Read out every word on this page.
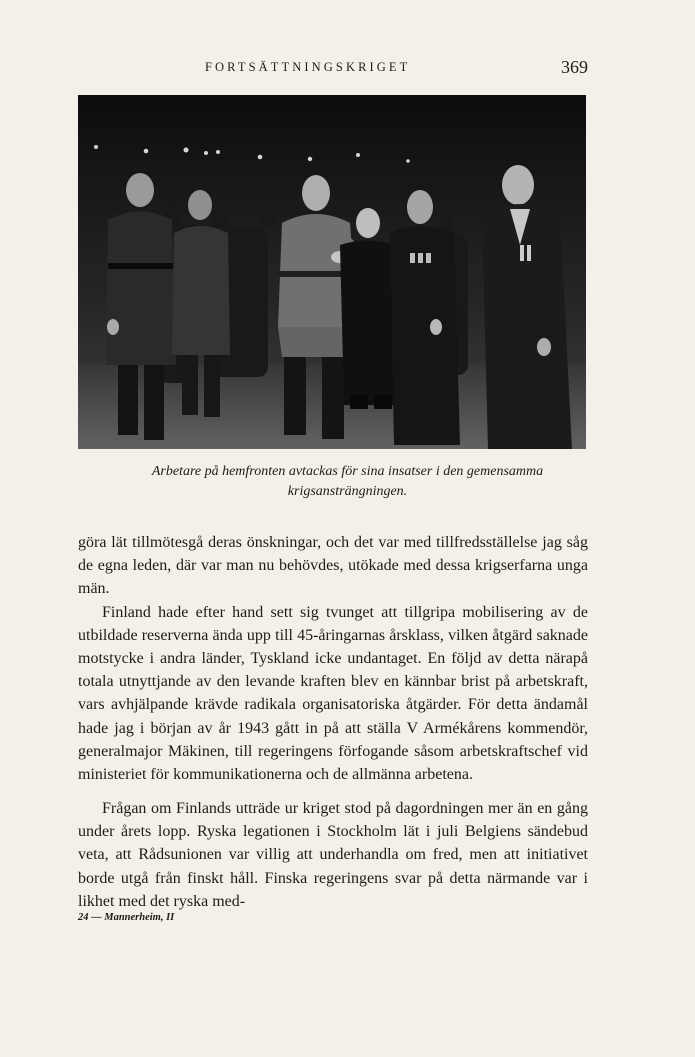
FORTSÄTTNINGSKRIGET	369
Arbetare på hemfronten avtackas för sina insatser i den gemensamma krigsansträngningen.

göra lät tillmötesgå deras önskningar, och det var med tillfredsställelse jag såg de egna leden, där var man nu behövdes, utökade med dessa krigserfarna unga män.

Finland hade efter hand sett sig tvunget att tillgripa mobilisering av de utbildade reserverna ända upp till 45-åringarnas årsklass, vilken åtgärd saknade motstycke i andra länder, Tyskland icke undantaget. En följd av detta närapå totala utnyttjande av den levande kraften blev en kännbar brist på arbetskraft, vars avhjälpande krävde radikala organisatoriska åtgärder. För detta ändamål hade jag i början av år 1943 gått in på att ställa V Armékårens kommendör, generalmajor Mäkinen, till regeringens förfogande såsom arbetskraftschef vid ministeriet för kommunikationerna och de allmänna arbetena.

Frågan om Finlands utträde ur kriget stod på dagordningen mer än en gång under årets lopp. Ryska legationen i Stockholm lät i juli Belgiens sändebud veta, att Rådsunionen var villig att underhandla om fred, men att initiativet borde utgå från finskt håll. Finska regeringens svar på detta närmande var i likhet med det ryska med-

24 — Mannerheim, II
